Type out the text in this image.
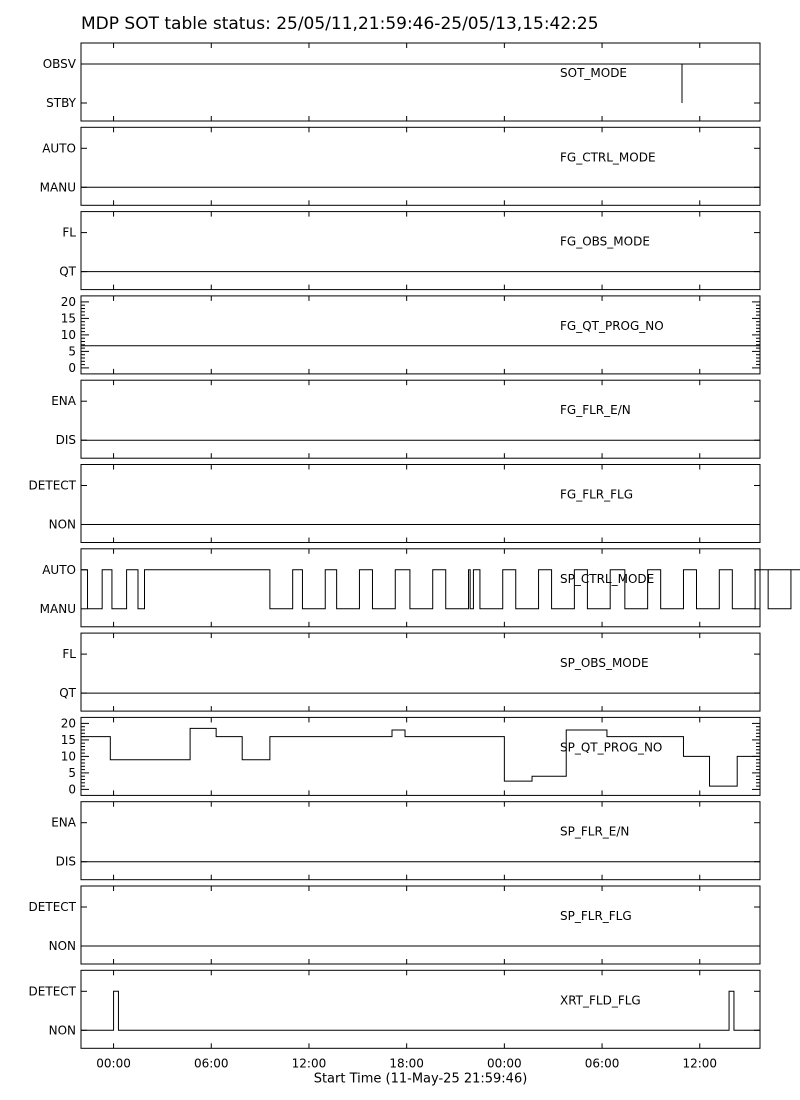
MDP SOT table status: 25/05/11,21:59:46-25/05/13,15:42:25
SOT_MODE
OBSV
STBY
FG_CTRL_MODE
AUTO
MANU
FG_OBS_MODE
FL
QT
FG_QT_PROG_NO
0
5
10
15
20
FG_FLR_E/N
ENA
DIS
FG_FLR_FLG
DETECT
NON
SP_CTRL_MODE
AUTO
MANU
SP_OBS_MODE
FL
QT
SP_QT_PROG_NO
0
5
10
15
20
SP_FLR_E/N
ENA
DIS
SP_FLR_FLG
DETECT
NON
XRT_FLD_FLG
DETECT
NON
00:00	06:00	12:00	18:00	00:00	06:00	12:00
Start Time (11-May-25 21:59:46)
